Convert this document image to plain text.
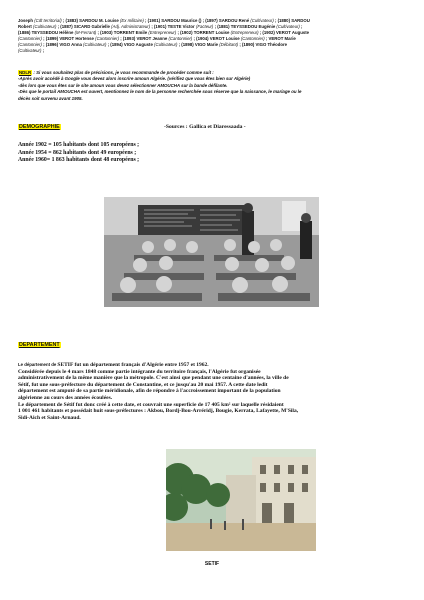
Joseph (Cdt territorial) ; (1883) SARDOU M. Louise (Ex militaire) ; (1901) SARDOU Maurice () ; (1897) SARDOU René (Cultivateur) ; (1880) SARDOU

Robert (Cultivateur) ; (1887) SICARD Gabrielle (Adj. Administrateur) ; (1901) TESTE Victor (Facteur) ; (1881) TEYSSEDOU Eugénie (Cultivateur) ;

(1886) TEYSSEDOU Hélène (M-Ferrant) ; (1903) TORRENT Emile (Entrepreneur) ; (1902) TORRENT Louise (Entrepreneur) ; (1902) VEROT Auguste

(Cantonnier) ; (1899) VEROT Hortense (Cantonnier) ; (1893) VEROT Jeanne (Cantonnier) ; (1904) VEROT Louise (Cantonnier) ; VEROT Marie

(Cantonnier) ; (1896) VIGO Anna (Cultivateur) ; (1894) VIGO Auguste (Cultivateur) ; (1898) VIGO Marie (Débitant) ; (1890) VIGO Théodore

(Cultivateur) ;

NDLR : Si vous souhaitez plus de précisions, je vous recommande de procéder comme suit :

-Après avoir accédé à Google vous devez alors inscrire amoun Algérie. (vérifiez que vous êtes bien sur Algérie)

-dès lors que vous êtes sur le site amoun vous devez sélectionner AMOUCHA sur la bande défilante.

-Dès que le portail AMOUCHA est ouvert, mentionnez le nom de la personne recherchée sous réserve que la naissance, le mariage ou le

décès soit survenu avant 1905.

DEMOGRAPHIE	-Sources : Gallica et Diaressaada -

Année 1902 = 105 habitants dont 105 européens ;

Année 1954 = 862 habitants dont 49 européens ;

Année 1960= 1 863 habitants dont 48 européens ;

DEPARTEMENT

Le département de SETIF fut un département français d'Algérie entre 1957 et 1962.

Considérée depuis le 4 mars 1848 comme partie intégrante du territoire français, l'Algérie fut organisée

administrativement de la même manière que la métropole. C'est ainsi que pendant une centaine d'années, la ville de

Sétif, fut une sous-préfecture du département de Constantine, et ce jusqu'au 20 mai 1957. A cette date ledit

département est amputé de sa partie méridionale, afin de répondre à l'accroissement important de la population

algérienne au cours des années écoulées.

Le département de Sétif fut donc créé à cette date, et couvrait une superficie de 17 405 km² sur laquelle résidaient

1 001 461 habitants et possédait huit sous-préfectures : Akbou, Bordj-Bou-Arréridj, Bougie, Kerrata, Lafayette, M'Sila,

Sidi-Aich et Saint-Arnaud.

SETIF
